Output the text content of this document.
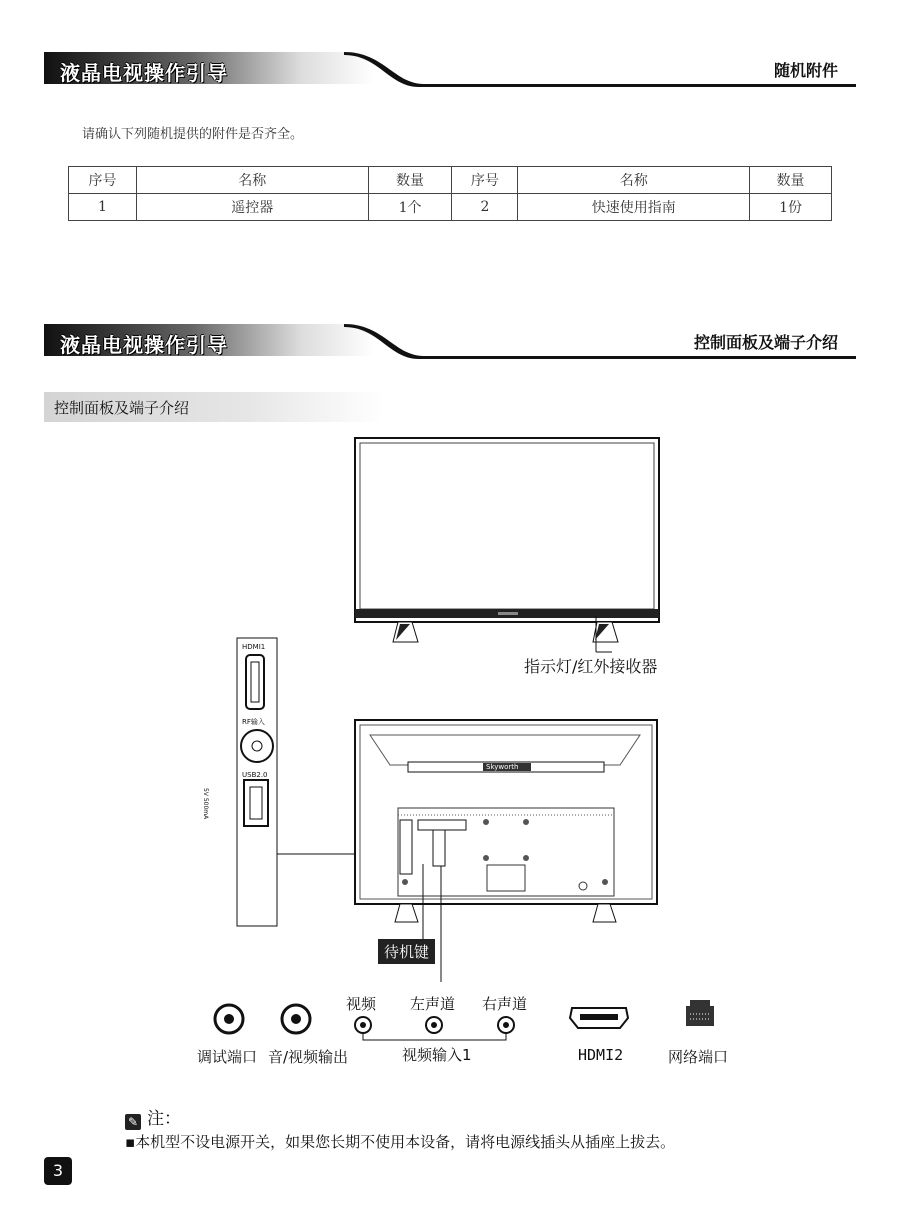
液晶电视操作引导	随机附件
请确认下列随机提供的附件是否齐全。
序号	名称	数量	序号	名称	数量
1	遥控器	1个	2	快速使用指南	1份
液晶电视操作引导	控制面板及端子介绍
控制面板及端子介绍
指示灯/红外接收器
HDMI1
RF输入
USB2.0
5V 500mA
Skyworth
待机键
视频 左声道 右声道
调试端口 音/视频输出	视频输入1	HDMI2	网络端口
✎ 注：
▪本机型不设电源开关，如果您长期不使用本设备，请将电源线插头从插座上拔去。
3
